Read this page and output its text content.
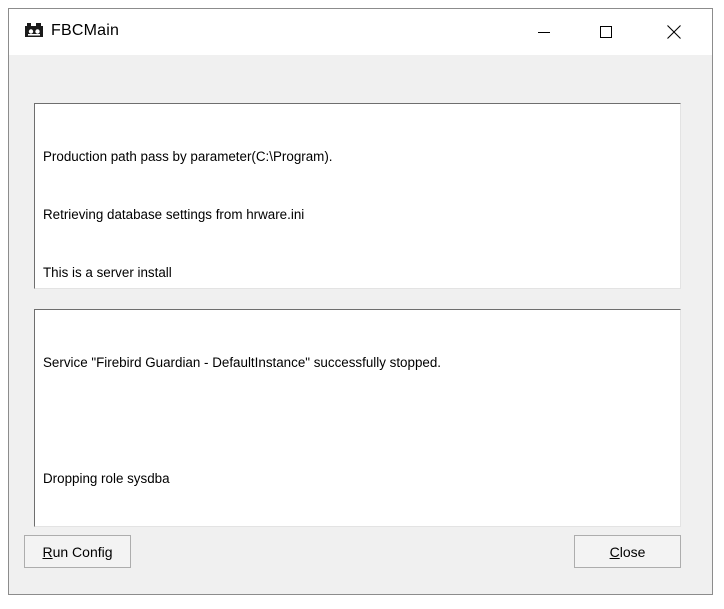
FBCMain

Production path pass by parameter(C:\Program).

Retrieving database settings from hrware.ini

This is a server install

Service "Firebird Guardian - DefaultInstance" successfully stopped.

Dropping role sysdba

R un Config	C lose
